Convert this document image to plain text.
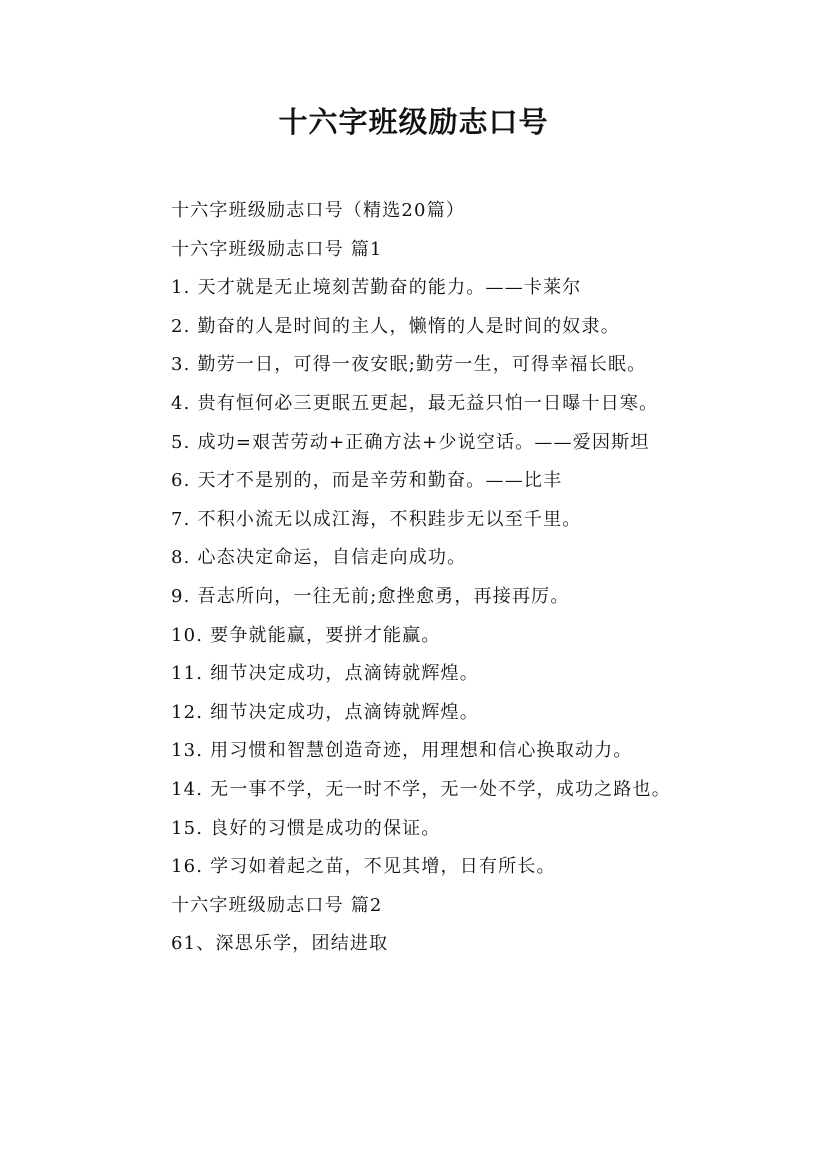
十六字班级励志口号

十六字班级励志口号（精选20篇）

十六字班级励志口号 篇1

1. 天才就是无止境刻苦勤奋的能力。——卡莱尔

2. 勤奋的人是时间的主人，懒惰的人是时间的奴隶。

3. 勤劳一日，可得一夜安眠;勤劳一生，可得幸福长眠。

4. 贵有恒何必三更眠五更起，最无益只怕一日曝十日寒。

5. 成功=艰苦劳动+正确方法+少说空话。——爱因斯坦

6. 天才不是别的，而是辛劳和勤奋。——比丰

7. 不积小流无以成江海，不积跬步无以至千里。

8. 心态决定命运，自信走向成功。

9. 吾志所向，一往无前;愈挫愈勇，再接再厉。

10. 要争就能赢，要拼才能赢。

11. 细节决定成功，点滴铸就辉煌。

12. 细节决定成功，点滴铸就辉煌。

13. 用习惯和智慧创造奇迹，用理想和信心换取动力。

14. 无一事不学，无一时不学，无一处不学，成功之路也。

15. 良好的习惯是成功的保证。

16. 学习如着起之苗，不见其增，日有所长。

十六字班级励志口号 篇2

61、深思乐学，团结进取
